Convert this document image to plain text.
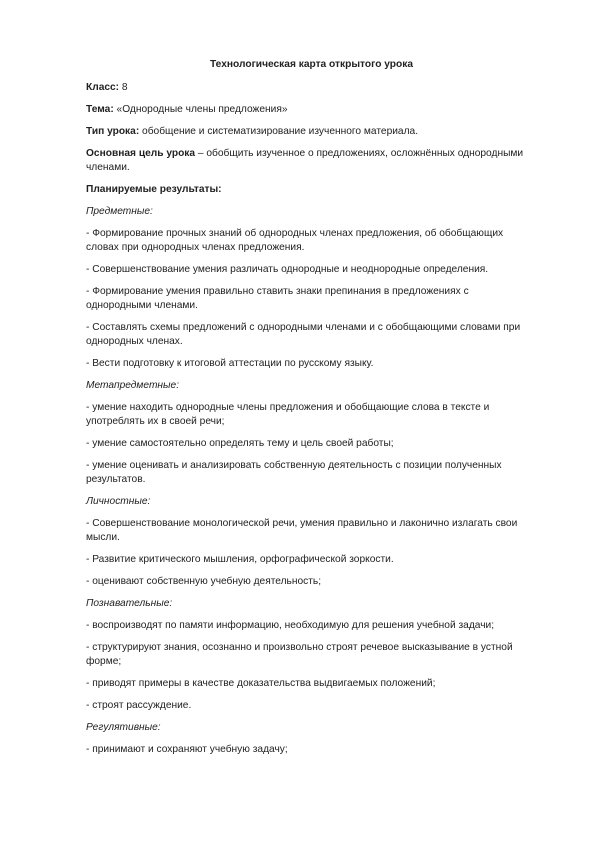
Технологическая карта открытого урока
Класс: 8
Тема: «Однородные члены предложения»
Тип урока: обобщение и систематизирование изученного материала.
Основная цель урока – обобщить изученное о предложениях, осложнённых однородными членами.
Планируемые результаты:
Предметные:
- Формирование прочных знаний об однородных членах предложения, об обобщающих словах при однородных членах предложения.
- Совершенствование умения различать однородные и неоднородные определения.
- Формирование умения правильно ставить знаки препинания в предложениях с однородными членами.
- Составлять схемы предложений с однородными членами и с обобщающими словами при однородных членах.
- Вести подготовку к итоговой аттестации по русскому языку.
Метапредметные:
- умение находить однородные члены предложения и обобщающие слова в тексте и употреблять их в своей речи;
- умение самостоятельно определять тему и цель своей работы;
- умение оценивать и анализировать собственную деятельность с позиции полученных результатов.
Личностные:
- Совершенствование монологической речи, умения правильно и лаконично излагать свои мысли.
- Развитие критического мышления, орфографической зоркости.
- оценивают собственную учебную деятельность;
Познавательные:
- воспроизводят по памяти информацию, необходимую для решения учебной задачи;
- структурируют знания, осознанно и произвольно строят речевое высказывание в устной форме;
- приводят примеры в качестве доказательства выдвигаемых положений;
- строят рассуждение.
Регулятивные:
- принимают и сохраняют учебную задачу;
